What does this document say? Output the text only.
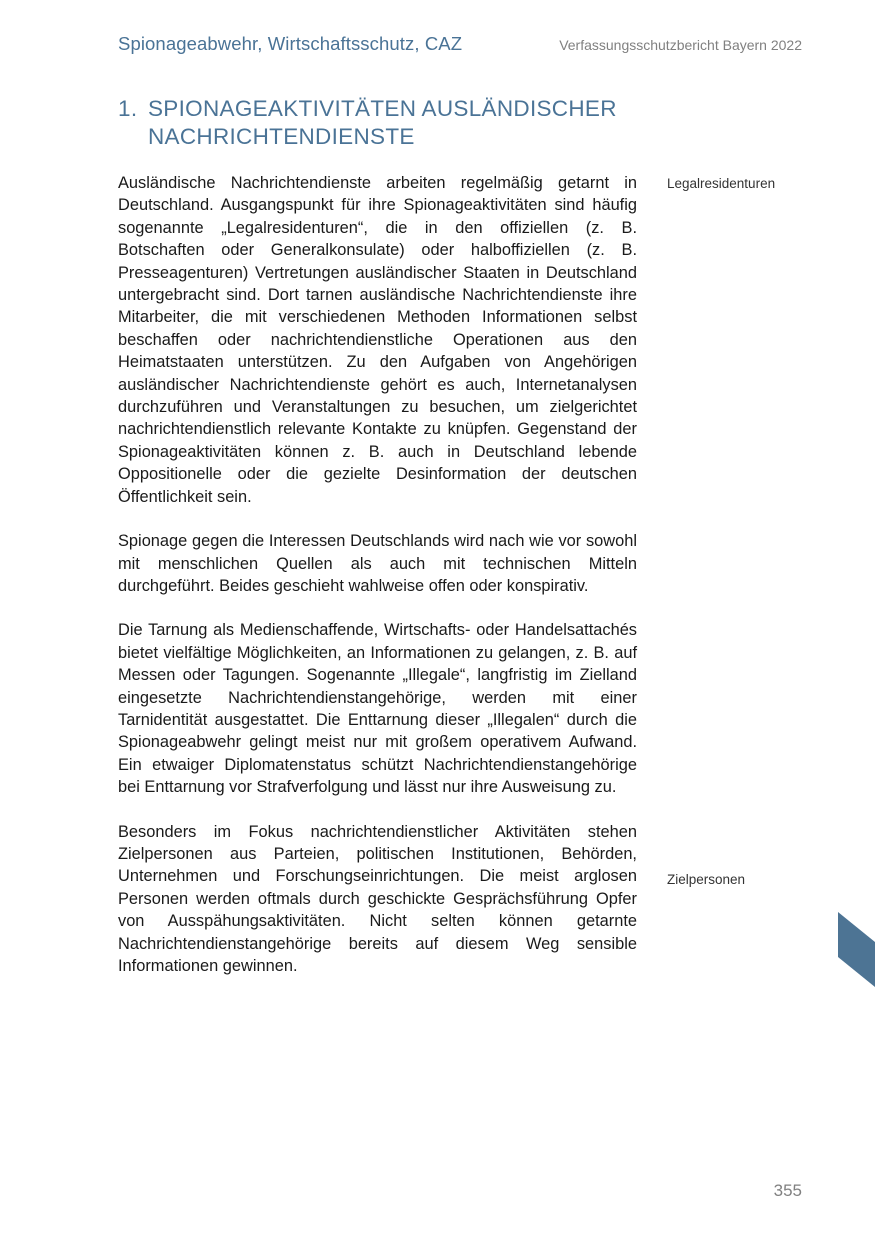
Spionageabwehr, Wirtschaftsschutz, CAZ	Verfassungsschutzbericht Bayern 2022
1. SPIONAGEAKTIVITÄTEN AUSLÄNDISCHER NACHRICHTENDIENSTE

Ausländische Nachrichtendienste arbeiten regelmäßig getarnt in Deutschland. Ausgangspunkt für ihre Spionageaktivitäten sind häufig sogenannte „Legalresidenturen“, die in den offiziellen (z. B. Botschaften oder Generalkonsulate) oder halboffiziellen (z. B. Presseagenturen) Vertretungen ausländischer Staaten in Deutschland untergebracht sind. Dort tarnen ausländische Nachrichtendienste ihre Mitarbeiter, die mit verschiedenen Methoden Informationen selbst beschaffen oder nachrichtendienstliche Operationen aus den Heimatstaaten unterstützen. Zu den Aufgaben von Angehörigen ausländischer Nachrichtendienste gehört es auch, Internetanalysen durchzuführen und Veranstaltungen zu besuchen, um zielgerichtet nachrichtendienstlich relevante Kontakte zu knüpfen. Gegenstand der Spionageaktivitäten können z. B. auch in Deutschland lebende Oppositionelle oder die gezielte Desinformation der deutschen Öffentlichkeit sein.

Spionage gegen die Interessen Deutschlands wird nach wie vor sowohl mit menschlichen Quellen als auch mit technischen Mitteln durchgeführt. Beides geschieht wahlweise offen oder konspirativ.

Die Tarnung als Medienschaffende, Wirtschafts- oder Handelsattachés bietet vielfältige Möglichkeiten, an Informationen zu gelangen, z. B. auf Messen oder Tagungen. Sogenannte „Illegale“, langfristig im Zielland eingesetzte Nachrichtendienstangehörige, werden mit einer Tarnidentität ausgestattet. Die Enttarnung dieser „Illegalen“ durch die Spionageabwehr gelingt meist nur mit großem operativem Aufwand. Ein etwaiger Diplomatenstatus schützt Nachrichtendienstangehörige bei Enttarnung vor Strafverfolgung und lässt nur ihre Ausweisung zu.

Besonders im Fokus nachrichtendienstlicher Aktivitäten stehen Zielpersonen aus Parteien, politischen Institutionen, Behörden, Unternehmen und Forschungseinrichtungen. Die meist arglosen Personen werden oftmals durch geschickte Gesprächsführung Opfer von Ausspähungsaktivitäten. Nicht selten können getarnte Nachrichtendienstangehörige bereits auf diesem Weg sensible Informationen gewinnen.

Legalresidenturen
Zielpersonen
355
